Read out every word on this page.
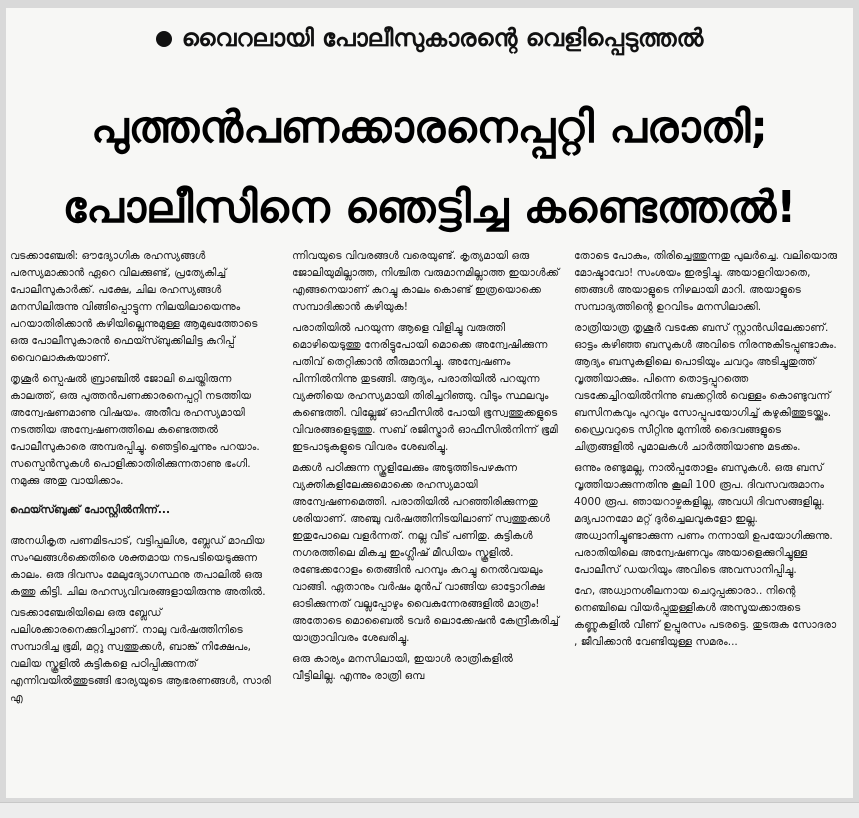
വൈറലായി പോലീസുകാരന്റെ വെളിപ്പെടുത്തൽ
പുത്തൻപണക്കാരനെപ്പറ്റി പരാതി;
പോലീസിനെ ഞെട്ടിച്ച കണ്ടെത്തൽ!

വടക്കാഞ്ചേരി: ഔദ്യോഗിക രഹസ്യങ്ങൾ പരസ്യമാക്കാൻ ഏറെ വിലക്കുണ്ട്, പ്രത്യേകിച്ച് പോലീസുകാർക്ക്. പക്ഷേ, ചില രഹസ്യങ്ങൾ മനസിലിരുന്നു വിങ്ങിപ്പൊട്ടുന്ന നിലയിലായെന്നും പറയാതിരിക്കാൻ കഴിയില്ലെന്നുമുള്ള ആമുഖത്തോടെ ഒരു പോലീസുകാരൻ ഫെയ്സ്ബുക്കിലിട്ട കുറിപ്പ് വൈറലാകുകയാണ്.

തൃശൂർ സ്പെഷൽ ബ്രാഞ്ചിൽ ജോലി ചെയ്തിരുന്ന കാലത്ത്, ഒരു പുത്തൻപണക്കാരനെപ്പറ്റി നടത്തിയ അന്വേഷണമാണു വിഷയം. അതീവ രഹസ്യമായി നടത്തിയ അന്വേഷണത്തിലെ കണ്ടെത്തൽ പോലീസുകാരെ അമ്പരപ്പിച്ചു. ഞെട്ടിച്ചെന്നും പറയാം. സസ്പെൻസുകൾ പൊളിക്കാതിരിക്കുന്നതാണു ഭംഗി. നമുക്കു അതു വായിക്കാം.

ഫെയ്സ്ബുക്ക് പോസ്റ്റിൽനിന്ന്...

അനധികൃത പണമിടപാട്, വട്ടിപ്പലിശ, ബ്ലേഡ് മാഫിയ സംഘങ്ങൾക്കെതിരെ ശക്തമായ നടപടിയെടുക്കുന്ന കാലം. ഒരു ദിവസം മേലുദ്യോഗസ്ഥനു തപാലിൽ ഒരു കത്തു കിട്ടി. ചില രഹസ്യവിവരങ്ങളായിരുന്നു അതിൽ.

വടക്കാഞ്ചേരിയിലെ ഒരു ബ്ലേഡ് പലിശക്കാരനെക്കുറിച്ചാണ്. നാലു വർഷത്തിനിടെ സമ്പാദിച്ച ഭൂമി, മറ്റു സ്വത്തുക്കൾ, ബാങ്ക് നിക്ഷേപം, വലിയ സ്കൂളിൽ കുട്ടികളെ പഠിപ്പിക്കുന്നത് എന്നിവയിൽത്തുടങ്ങി ഭാര്യയുടെ ആഭരണങ്ങൾ, സാരി എ

ന്നിവയുടെ വിവരങ്ങൾ വരെയുണ്ട്. കൃത്യമായി ഒരു ജോലിയുമില്ലാത്ത, നിശ്ചിത വരുമാനമില്ലാത്ത ഇയാൾക്ക് എങ്ങനെയാണ് കുറച്ചു കാലം കൊണ്ട് ഇത്രയൊക്കെ സമ്പാദിക്കാൻ കഴിയുക!

പരാതിയിൽ പറയുന്ന ആളെ വിളിച്ചു വരുത്തി മൊഴിയെടുത്തു നേരിട്ടുപോയി മൊക്കെ അന്വേഷിക്കുന്ന പതിവ് തെറ്റിക്കാൻ തീരുമാനിച്ചു. അന്വേഷണം പിന്നിൽനിന്നു തുടങ്ങി. ആദ്യം, പരാതിയിൽ പറയുന്ന വ്യക്തിയെ രഹസ്യമായി തിരിച്ചറിഞ്ഞു. വീടും സ്ഥലവും കണ്ടെത്തി. വില്ലേജ് ഓഫീസിൽ പോയി ഭൂസ്വത്തുക്കളുടെ വിവരങ്ങളെടുത്തു. സബ് രജിസ്ട്രാർ ഓഫീസിൽനിന്ന് ഭൂമി ഇടപാടുകളുടെ വിവരം ശേഖരിച്ചു.

മക്കൾ പഠിക്കുന്ന സ്കൂളിലേക്കും അടുത്തിടപഴകുന്ന വ്യക്തികളിലേക്കുമൊക്കെ രഹസ്യമായി അന്വേഷണമെത്തി. പരാതിയിൽ പറഞ്ഞിരിക്കുന്നതു ശരിയാണ്. അഞ്ചു വർഷത്തിനിടയിലാണ് സ്വത്തുക്കൾ ഇതുപോലെ വളർന്നത്. നല്ല വീട് പണിതു. കുട്ടികൾ നഗരത്തിലെ മികച്ച ഇംഗ്ലീഷ് മീഡിയം സ്കൂളിൽ. രണ്ടേക്കറോളം തെങ്ങിൻ പറമ്പും കുറച്ചു നെൽവയലും വാങ്ങി. ഏതാനും വർഷം മുൻപ് വാങ്ങിയ ഓട്ടോറിക്ഷ ഓടിക്കുന്നത് വല്ലപ്പോഴും വൈകുന്നേരങ്ങളിൽ മാത്രം! അതോടെ മൊബൈൽ ടവർ ലൊക്കേഷൻ കേന്ദ്രീകരിച്ച് യാത്രാവിവരം ശേഖരിച്ചു.

ഒരു കാര്യം മനസിലായി, ഇയാൾ രാത്രികളിൽ വീട്ടിലില്ല. എന്നും രാത്രി ഒമ്പ

തോടെ പോകും, തിരിച്ചെത്തുന്നതു പുലർച്ചെ. വലിയൊരു മോഷ്ടാവോ! സംശയം ഇരട്ടിച്ചു. അയാളറിയാതെ, ഞങ്ങൾ അയാളുടെ നിഴലായി മാറി. അയാളുടെ സമ്പാദ്യത്തിന്റെ ഉറവിടം മനസിലാക്കി.

രാത്രിയാത്ര തൃശൂർ വടക്കേ ബസ് സ്റ്റാൻഡിലേക്കാണ്. ഓട്ടം കഴിഞ്ഞ ബസുകൾ അവിടെ നിരന്നുകിടപ്പുണ്ടാകും. ആദ്യം ബസുകളിലെ പൊടിയും ചവറും അടിച്ചുതുത്ത് വൃത്തിയാക്കും. പിന്നെ തൊട്ടപ്പുറത്തെ വടക്കേച്ചിറയിൽനിന്നു ബക്കറ്റിൽ വെള്ളം കൊണ്ടുവന്ന് ബസിനകവും പുറവും സോപ്പുപയോഗിച്ച് കഴുകിത്തുടയ്ക്കും. ഡ്രൈവറുടെ സീറ്റിനു മുന്നിൽ ദൈവങ്ങളുടെ ചിത്രങ്ങളിൽ പൂമാലകൾ ചാർത്തിയാണു മടക്കം.

ഒന്നും രണ്ടുമല്ല, നാൽപ്പതോളം ബസുകൾ. ഒരു ബസ് വൃത്തിയാക്കുന്നതിനു കൂലി 100 രൂപ. ദിവസവരുമാനം 4000 രൂപ. ഞായറാഴ്ചകളില്ല, അവധി ദിവസങ്ങളില്ല. മദ്യപാനമോ മറ്റ് ദുർച്ചെലവുകളോ ഇല്ല. അധ്വാനിച്ചുണ്ടാക്കുന്ന പണം നന്നായി ഉപയോഗിക്കുന്നു. പരാതിയിലെ അന്വേഷണവും അയാളെക്കുറിച്ചുള്ള പോലീസ് ഡയറിയും അവിടെ അവസാനിപ്പിച്ചു.

ഹേ, അധ്വാനശീലനായ ചെറുപ്പക്കാരാ.. നിന്റെ നെഞ്ചിലെ വിയർപ്പുതുള്ളികൾ അസൂയക്കാരുടെ കണ്ണുകളിൽ വീണ് ഉപ്പുരസം പടരട്ടെ. തുടരുക സോദരാ , ജീവിക്കാൻ വേണ്ടിയുള്ള സമരം...
